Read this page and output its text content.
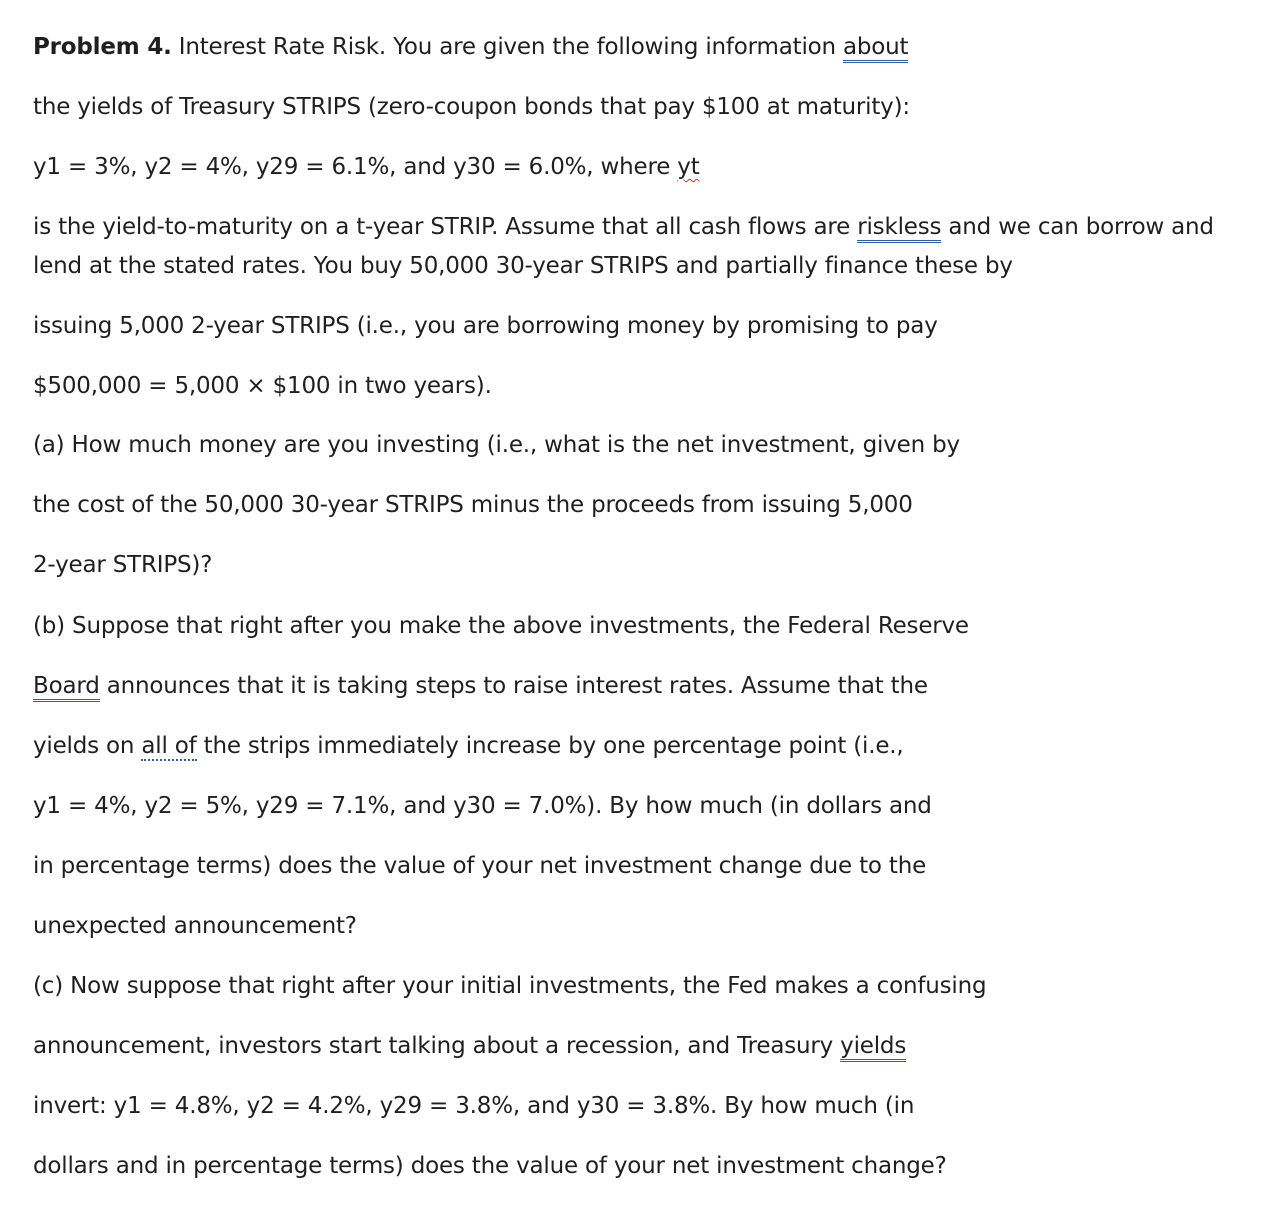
Problem 4. Interest Rate Risk. You are given the following information about
the yields of Treasury STRIPS (zero-coupon bonds that pay $100 at maturity):
y1 = 3%, y2 = 4%, y29 = 6.1%, and y30 = 6.0%, where yt
is the yield-to-maturity on a t-year STRIP. Assume that all cash flows are riskless and we can borrow and
lend at the stated rates. You buy 50,000 30-year STRIPS and partially finance these by
issuing 5,000 2-year STRIPS (i.e., you are borrowing money by promising to pay
$500,000 = 5,000 × $100 in two years).
(a) How much money are you investing (i.e., what is the net investment, given by
the cost of the 50,000 30-year STRIPS minus the proceeds from issuing 5,000
2-year STRIPS)?
(b) Suppose that right after you make the above investments, the Federal Reserve
Board announces that it is taking steps to raise interest rates. Assume that the
yields on all of the strips immediately increase by one percentage point (i.e.,
y1 = 4%, y2 = 5%, y29 = 7.1%, and y30 = 7.0%). By how much (in dollars and
in percentage terms) does the value of your net investment change due to the
unexpected announcement?
(c) Now suppose that right after your initial investments, the Fed makes a confusing
announcement, investors start talking about a recession, and Treasury yields
invert: y1 = 4.8%, y2 = 4.2%, y29 = 3.8%, and y30 = 3.8%. By how much (in
dollars and in percentage terms) does the value of your net investment change?
